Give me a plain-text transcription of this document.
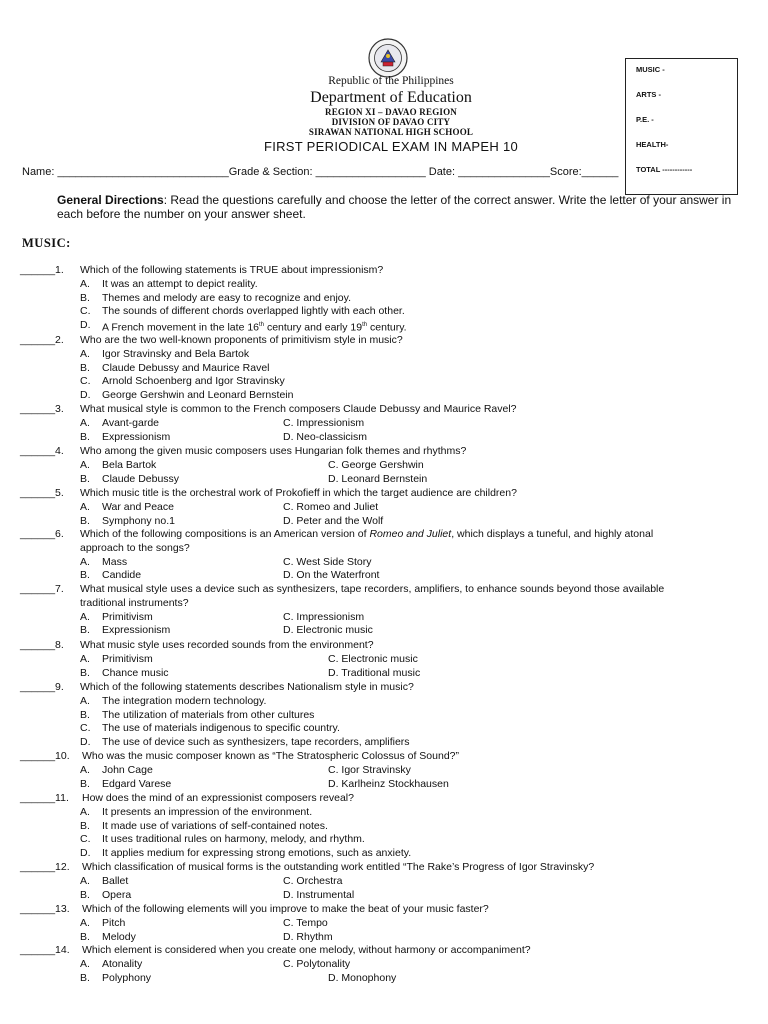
Republic of the Philippines
Department of Education
REGION XI – DAVAO REGION
DIVISION OF DAVAO CITY
SIRAWAN NATIONAL HIGH SCHOOL
FIRST PERIODICAL EXAM IN MAPEH 10
MUSIC -
ARTS -
P.E. -
HEALTH-
TOTAL ------------
Name: ____________________________Grade & Section: __________________ Date: _______________Score:______
General Directions: Read the questions carefully and choose the letter of the correct answer. Write the letter of your answer in each before the number on your answer sheet.
MUSIC:
______1. Which of the following statements is TRUE about impressionism?
A. It was an attempt to depict reality.
B. Themes and melody are easy to recognize and enjoy.
C. The sounds of different chords overlapped lightly with each other.
D. A French movement in the late 16th century and early 19th century.
______2. Who are the two well-known proponents of primitivism style in music?
A. Igor Stravinsky and Bela Bartok
B. Claude Debussy and Maurice Ravel
C. Arnold Schoenberg and Igor Stravinsky
D. George Gershwin and Leonard Bernstein
______3. What musical style is common to the French composers Claude Debussy and Maurice Ravel?
A. Avant-garde
B. Expressionism
C. Impressionism
D. Neo-classicism
______4. Who among the given music composers uses Hungarian folk themes and rhythms?
A. Bela Bartok
B. Claude Debussy
C. George Gershwin
D. Leonard Bernstein
______5. Which music title is the orchestral work of Prokofieff in which the target audience are children?
A. War and Peace
B. Symphony no.1
C. Romeo and Juliet
D. Peter and the Wolf
______6. Which of the following compositions is an American version of Romeo and Juliet, which displays a tuneful, and highly atonal
approach to the songs?
A. Mass
B. Candide
C. West Side Story
D. On the Waterfront
______7. What musical style uses a device such as synthesizers, tape recorders, amplifiers, to enhance sounds beyond those available
traditional instruments?
A. Primitivism
B. Expressionism
C. Impressionism
D. Electronic music
______8. What music style uses recorded sounds from the environment?
A. Primitivism
B. Chance music
C. Electronic music
D. Traditional music
______9. Which of the following statements describes Nationalism style in music?
A. The integration modern technology.
B. The utilization of materials from other cultures
C. The use of materials indigenous to specific country.
D. The use of device such as synthesizers, tape recorders, amplifiers
______10. Who was the music composer known as “The Stratospheric Colossus of Sound?”
A. John Cage
B. Edgard Varese
C. Igor Stravinsky
D. Karlheinz Stockhausen
______11. How does the mind of an expressionist composers reveal?
A. It presents an impression of the environment.
B. It made use of variations of self-contained notes.
C. It uses traditional rules on harmony, melody, and rhythm.
D. It applies medium for expressing strong emotions, such as anxiety.
______12. Which classification of musical forms is the outstanding work entitled “The Rake’s Progress of Igor Stravinsky?
A. Ballet
B. Opera
C. Orchestra
D. Instrumental
______13. Which of the following elements will you improve to make the beat of your music faster?
A. Pitch
B. Melody
C. Tempo
D. Rhythm
______14. Which element is considered when you create one melody, without harmony or accompaniment?
A. Atonality
B. Polyphony
C. Polytonality
D. Monophony
